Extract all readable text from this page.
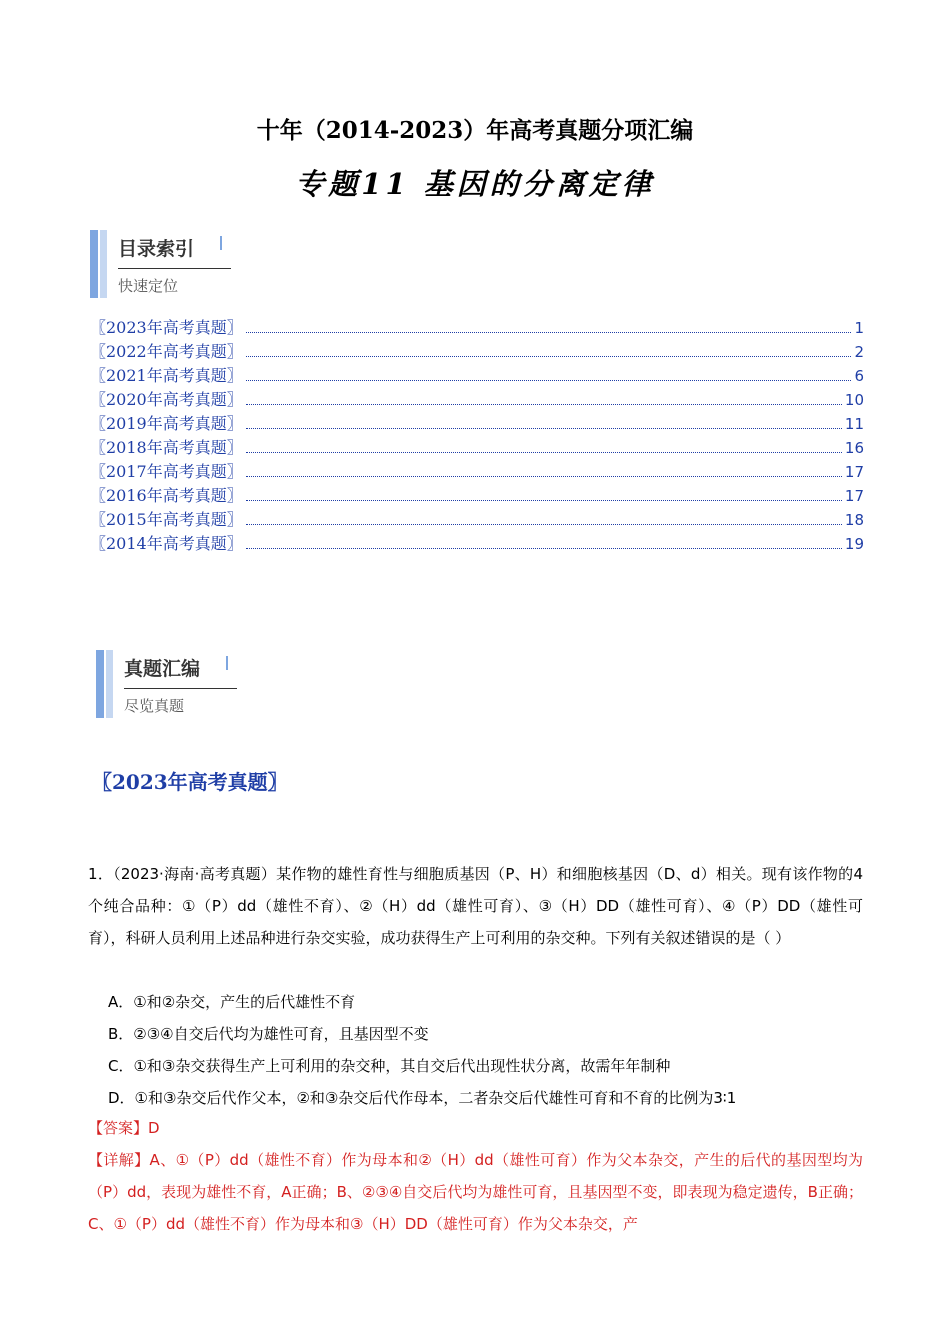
十年（2014-2023）年高考真题分项汇编
专题11 基因的分离定律
目录索引
快速定位
〖2023年高考真题〗	1
〖2022年高考真题〗	2
〖2021年高考真题〗	6
〖2020年高考真题〗	10
〖2019年高考真题〗	11
〖2018年高考真题〗	16
〖2017年高考真题〗	17
〖2016年高考真题〗	17
〖2015年高考真题〗	18
〖2014年高考真题〗	19
真题汇编
尽览真题
〖2023年高考真题〗
1．（2023·海南·高考真题）某作物的雄性育性与细胞质基因（P、H）和细胞核基因（D、d）相关。现有该作物的4个纯合品种：①（P）dd（雄性不育）、②（H）dd（雄性可育）、③（H）DD（雄性可育）、④（P）DD（雄性可育），科研人员利用上述品种进行杂交实验，成功获得生产上可利用的杂交种。下列有关叙述错误的是（ ）
A．①和②杂交，产生的后代雄性不育
B．②③④自交后代均为雄性可育，且基因型不变
C．①和③杂交获得生产上可利用的杂交种，其自交后代出现性状分离，故需年年制种
D．①和③杂交后代作父本，②和③杂交后代作母本，二者杂交后代雄性可育和不育的比例为3∶1
【答案】D
【详解】A、①（P）dd（雄性不育）作为母本和②（H）dd（雄性可育）作为父本杂交，产生的后代的基因型均为（P）dd，表现为雄性不育，A正确；B、②③④自交后代均为雄性可育，且基因型不变，即表现为稳定遗传，B正确；C、①（P）dd（雄性不育）作为母本和③（H）DD（雄性可育）作为父本杂交，产
